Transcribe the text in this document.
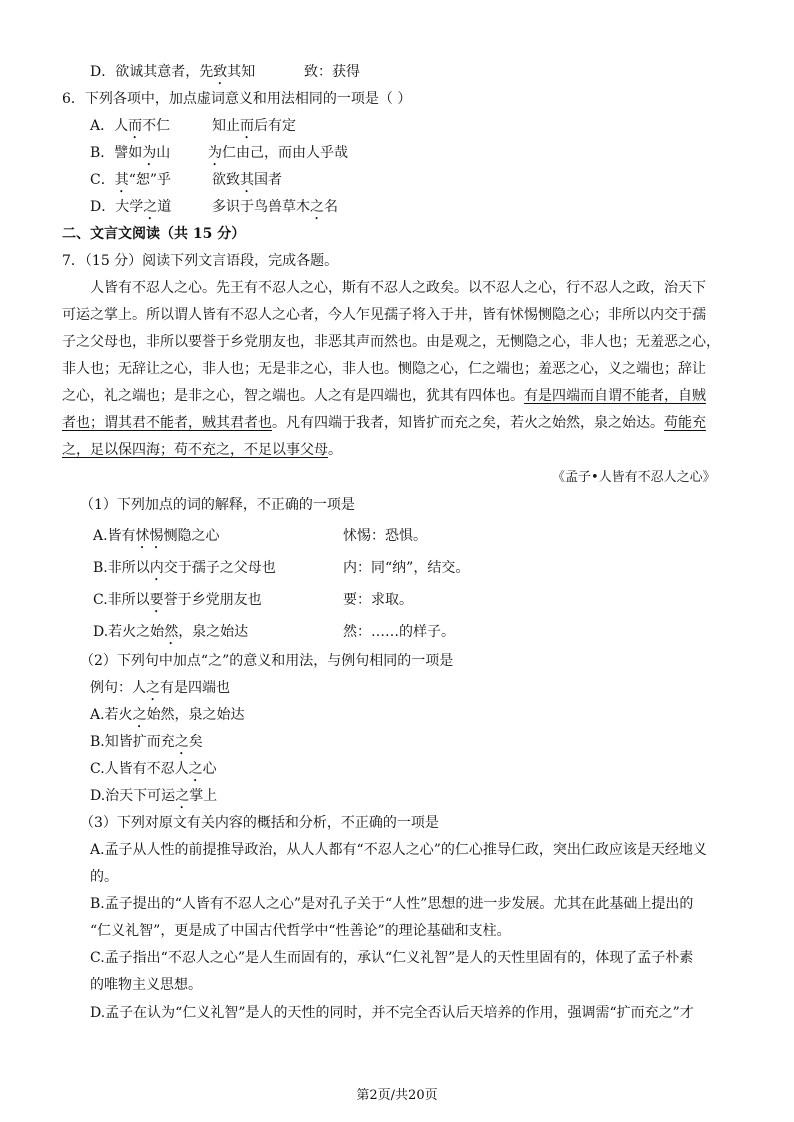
D．欲诚其意者，先致其知	致：获得
6．下列各项中，加点虚词意义和用法相同的一项是（ ）
A．人而不仁	知止而后有定
B．譬如为山	为仁由己，而由人乎哉
C．其“恕”乎	欲致其国者
D．大学之道	多识于鸟兽草木之名
二、文言文阅读（共 15 分）
7．（15 分）阅读下列文言语段，完成各题。
人皆有不忍人之心。先王有不忍人之心，斯有不忍人之政矣。以不忍人之心，行不忍人之政，治天下
可运之掌上。所以谓人皆有不忍人之心者，今人乍见孺子将入于井，皆有怵惕恻隐之心；非所以内交于孺
子之父母也，非所以要誉于乡党朋友也，非恶其声而然也。由是观之，无恻隐之心，非人也；无羞恶之心，
非人也；无辞让之心，非人也；无是非之心，非人也。恻隐之心，仁之端也；羞恶之心，义之端也；辞让
之心，礼之端也；是非之心，智之端也。人之有是四端也，犹其有四体也。有是四端而自谓不能者，自贼
者也；谓其君不能者，贼其君者也。凡有四端于我者，知皆扩而充之矣，若火之始然，泉之始达。苟能充
之，足以保四海；苟不充之，不足以事父母。
《孟子•人皆有不忍人之心》
（1）下列加点的词的解释，不正确的一项是
A.皆有怵惕恻隐之心	怵惕：恐惧。
B.非所以内交于孺子之父母也	内：同“纳”，结交。
C.非所以要誉于乡党朋友也	要：求取。
D.若火之始然，泉之始达	然：……的样子。
（2）下列句中加点“之”的意义和用法，与例句相同的一项是
例句：人之有是四端也
A.若火之始然，泉之始达
B.知皆扩而充之矣
C.人皆有不忍人之心
D.治天下可运之掌上
（3）下列对原文有关内容的概括和分析，不正确的一项是
A.孟子从人性的前提推导政治，从人人都有“不忍人之心”的仁心推导仁政，突出仁政应该是天经地义
的。
B.孟子提出的“人皆有不忍人之心”是对孔子关于“人性”思想的进一步发展。尤其在此基础上提出的
“仁义礼智”，更是成了中国古代哲学中“性善论”的理论基础和支柱。
C.孟子指出“不忍人之心”是人生而固有的，承认“仁义礼智”是人的天性里固有的，体现了孟子朴素
的唯物主义思想。
D.孟子在认为“仁义礼智”是人的天性的同时，并不完全否认后天培养的作用，强调需“扩而充之”才
第2页/共20页
